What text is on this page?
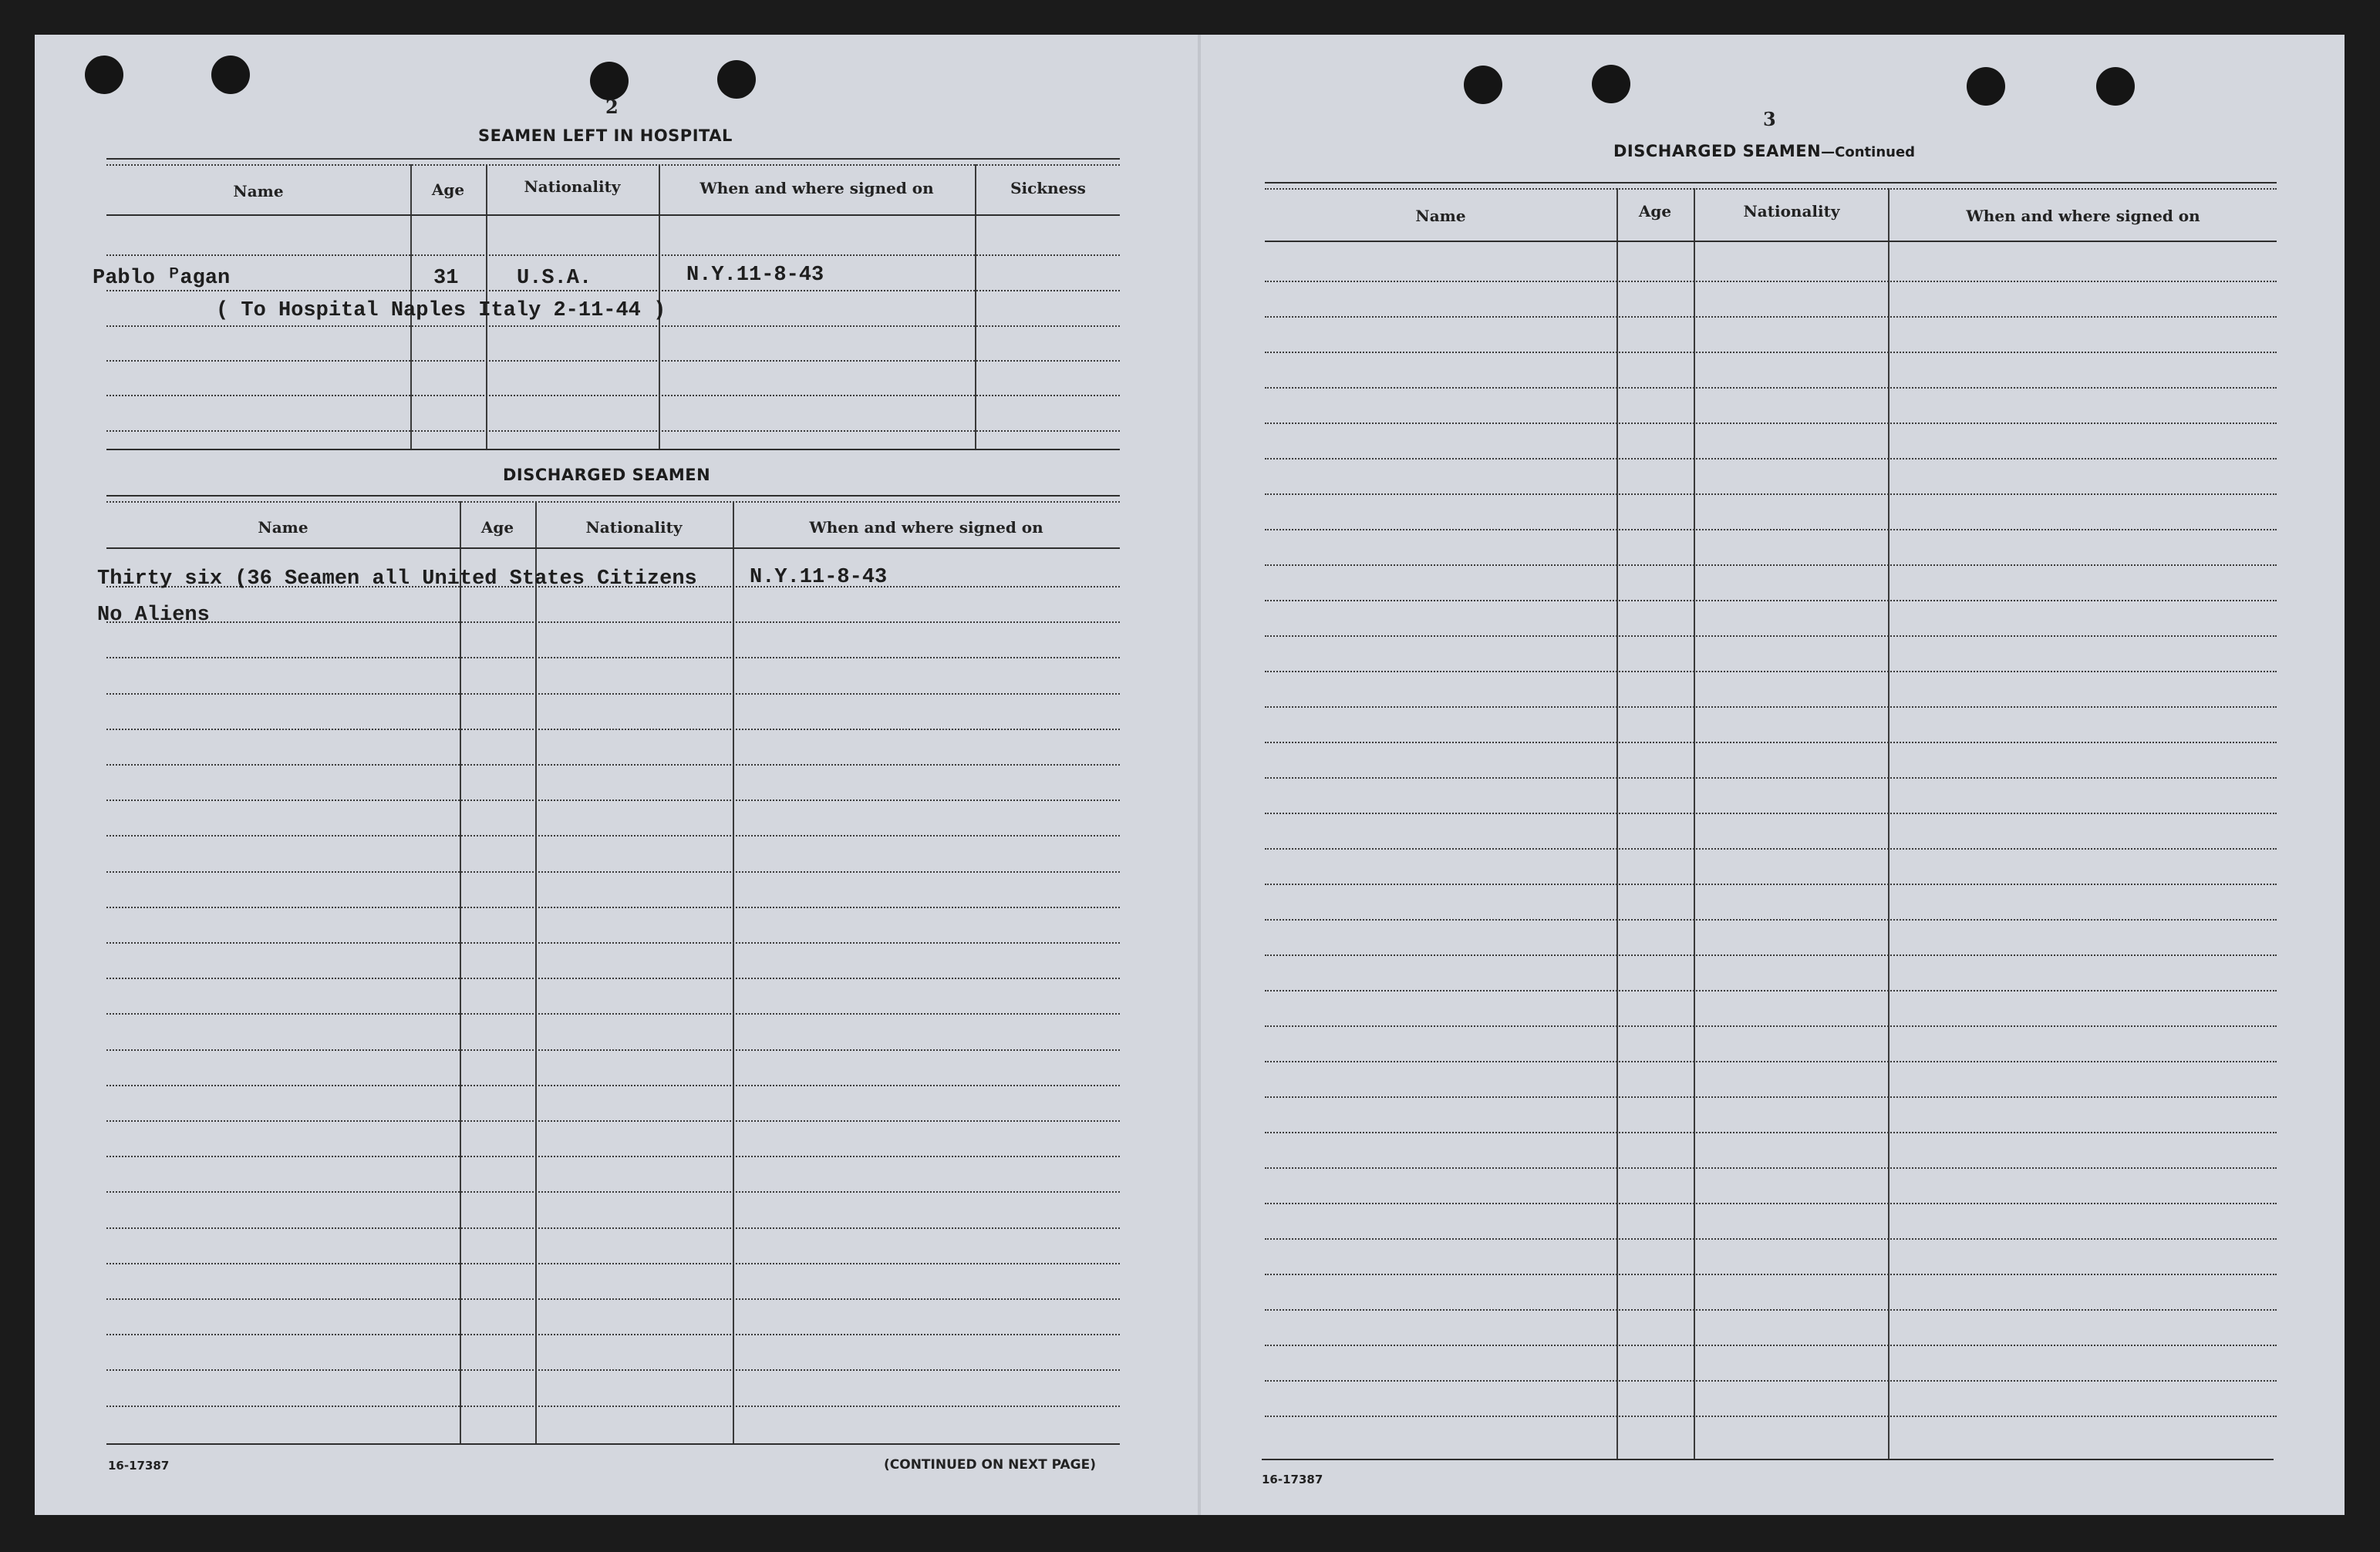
2
SEAMEN LEFT IN HOSPITAL
Name	Age	Nationality	When and where signed on	Sickness
Pablo ᴾagan	31	U.S.A.	N.Y.11-8-43
( To Hospital Naples Italy 2-11-44 )
DISCHARGED SEAMEN
Name	Age	Nationality	When and where signed on
Thirty six (36 Seamen all United States Citizens	N.Y.11-8-43
No Aliens
16-17387	(CONTINUED ON NEXT PAGE)
3
DISCHARGED SEAMEN—Continued
Name	Age	Nationality	When and where signed on
16-17387
